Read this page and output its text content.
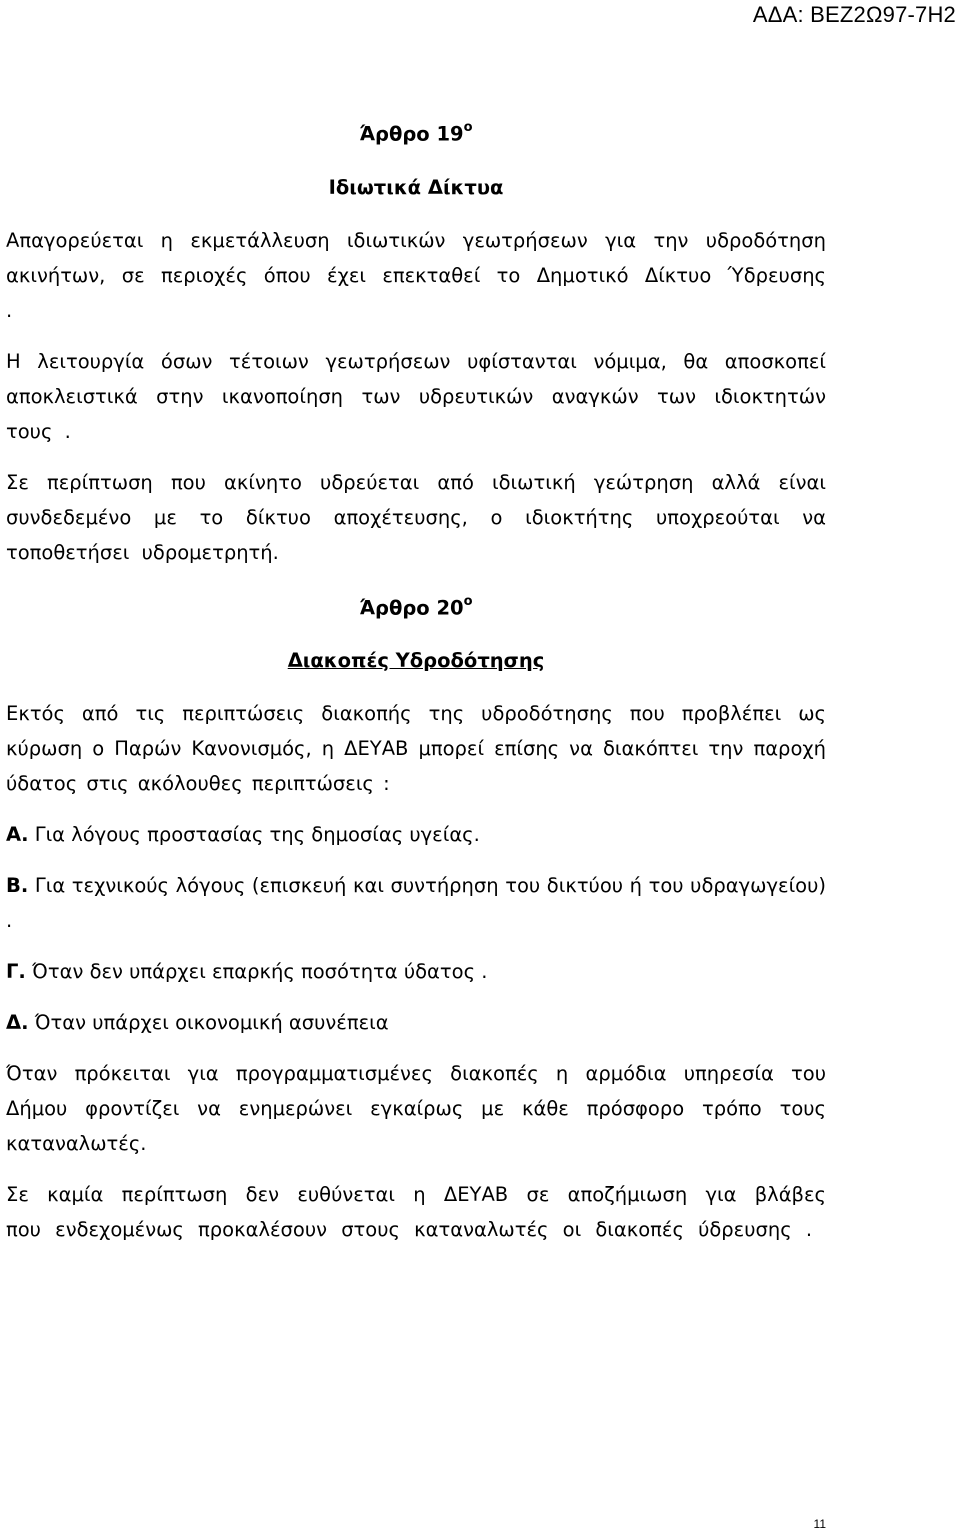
ΑΔΑ: ΒΕΖ2Ω97-7Η2

Άρθρο $19^o$

Ιδιωτικά Δίκτυα

Απαγορεύεται η εκμετάλλευση ιδιωτικών γεωτρήσεων για την υδροδότηση ακινήτων, σε περιοχές όπου έχει επεκταθεί το Δημοτικό Δίκτυο Ύδρευσης .

Η λειτουργία όσων τέτοιων γεωτρήσεων υφίστανται νόμιμα, θα αποσκοπεί αποκλειστικά στην ικανοποίηση των υδρευτικών αναγκών των ιδιοκτητών τους .

Σε περίπτωση που ακίνητο υδρεύεται από ιδιωτική γεώτρηση αλλά είναι συνδεδεμένο με το δίκτυο αποχέτευσης, ο ιδιοκτήτης υποχρεούται να τοποθετήσει υδρομετρητή.

Άρθρο $20^o$

Διακοπές Υδροδότησης

Εκτός από τις περιπτώσεις διακοπής της υδροδότησης που προβλέπει ως κύρωση ο Παρών Κανονισμός, η ΔΕΥΑΒ μπορεί επίσης να διακόπτει την παροχή ύδατος στις ακόλουθες περιπτώσεις :

Α. Για λόγους προστασίας της δημοσίας υγείας.

Β. Για τεχνικούς λόγους (επισκευή και συντήρηση του δικτύου ή του υδραγωγείου) .

Γ. Όταν δεν υπάρχει επαρκής ποσότητα ύδατος .

Δ. Όταν υπάρχει οικονομική ασυνέπεια

Όταν πρόκειται για προγραμματισμένες διακοπές η αρμόδια υπηρεσία του Δήμου φροντίζει να ενημερώνει εγκαίρως με κάθε πρόσφορο τρόπο τους καταναλωτές.

Σε καμία περίπτωση δεν ευθύνεται η ΔΕΥΑΒ σε αποζήμιωση για βλάβες που ενδεχομένως προκαλέσουν στους καταναλωτές οι διακοπές ύδρευσης .

11
